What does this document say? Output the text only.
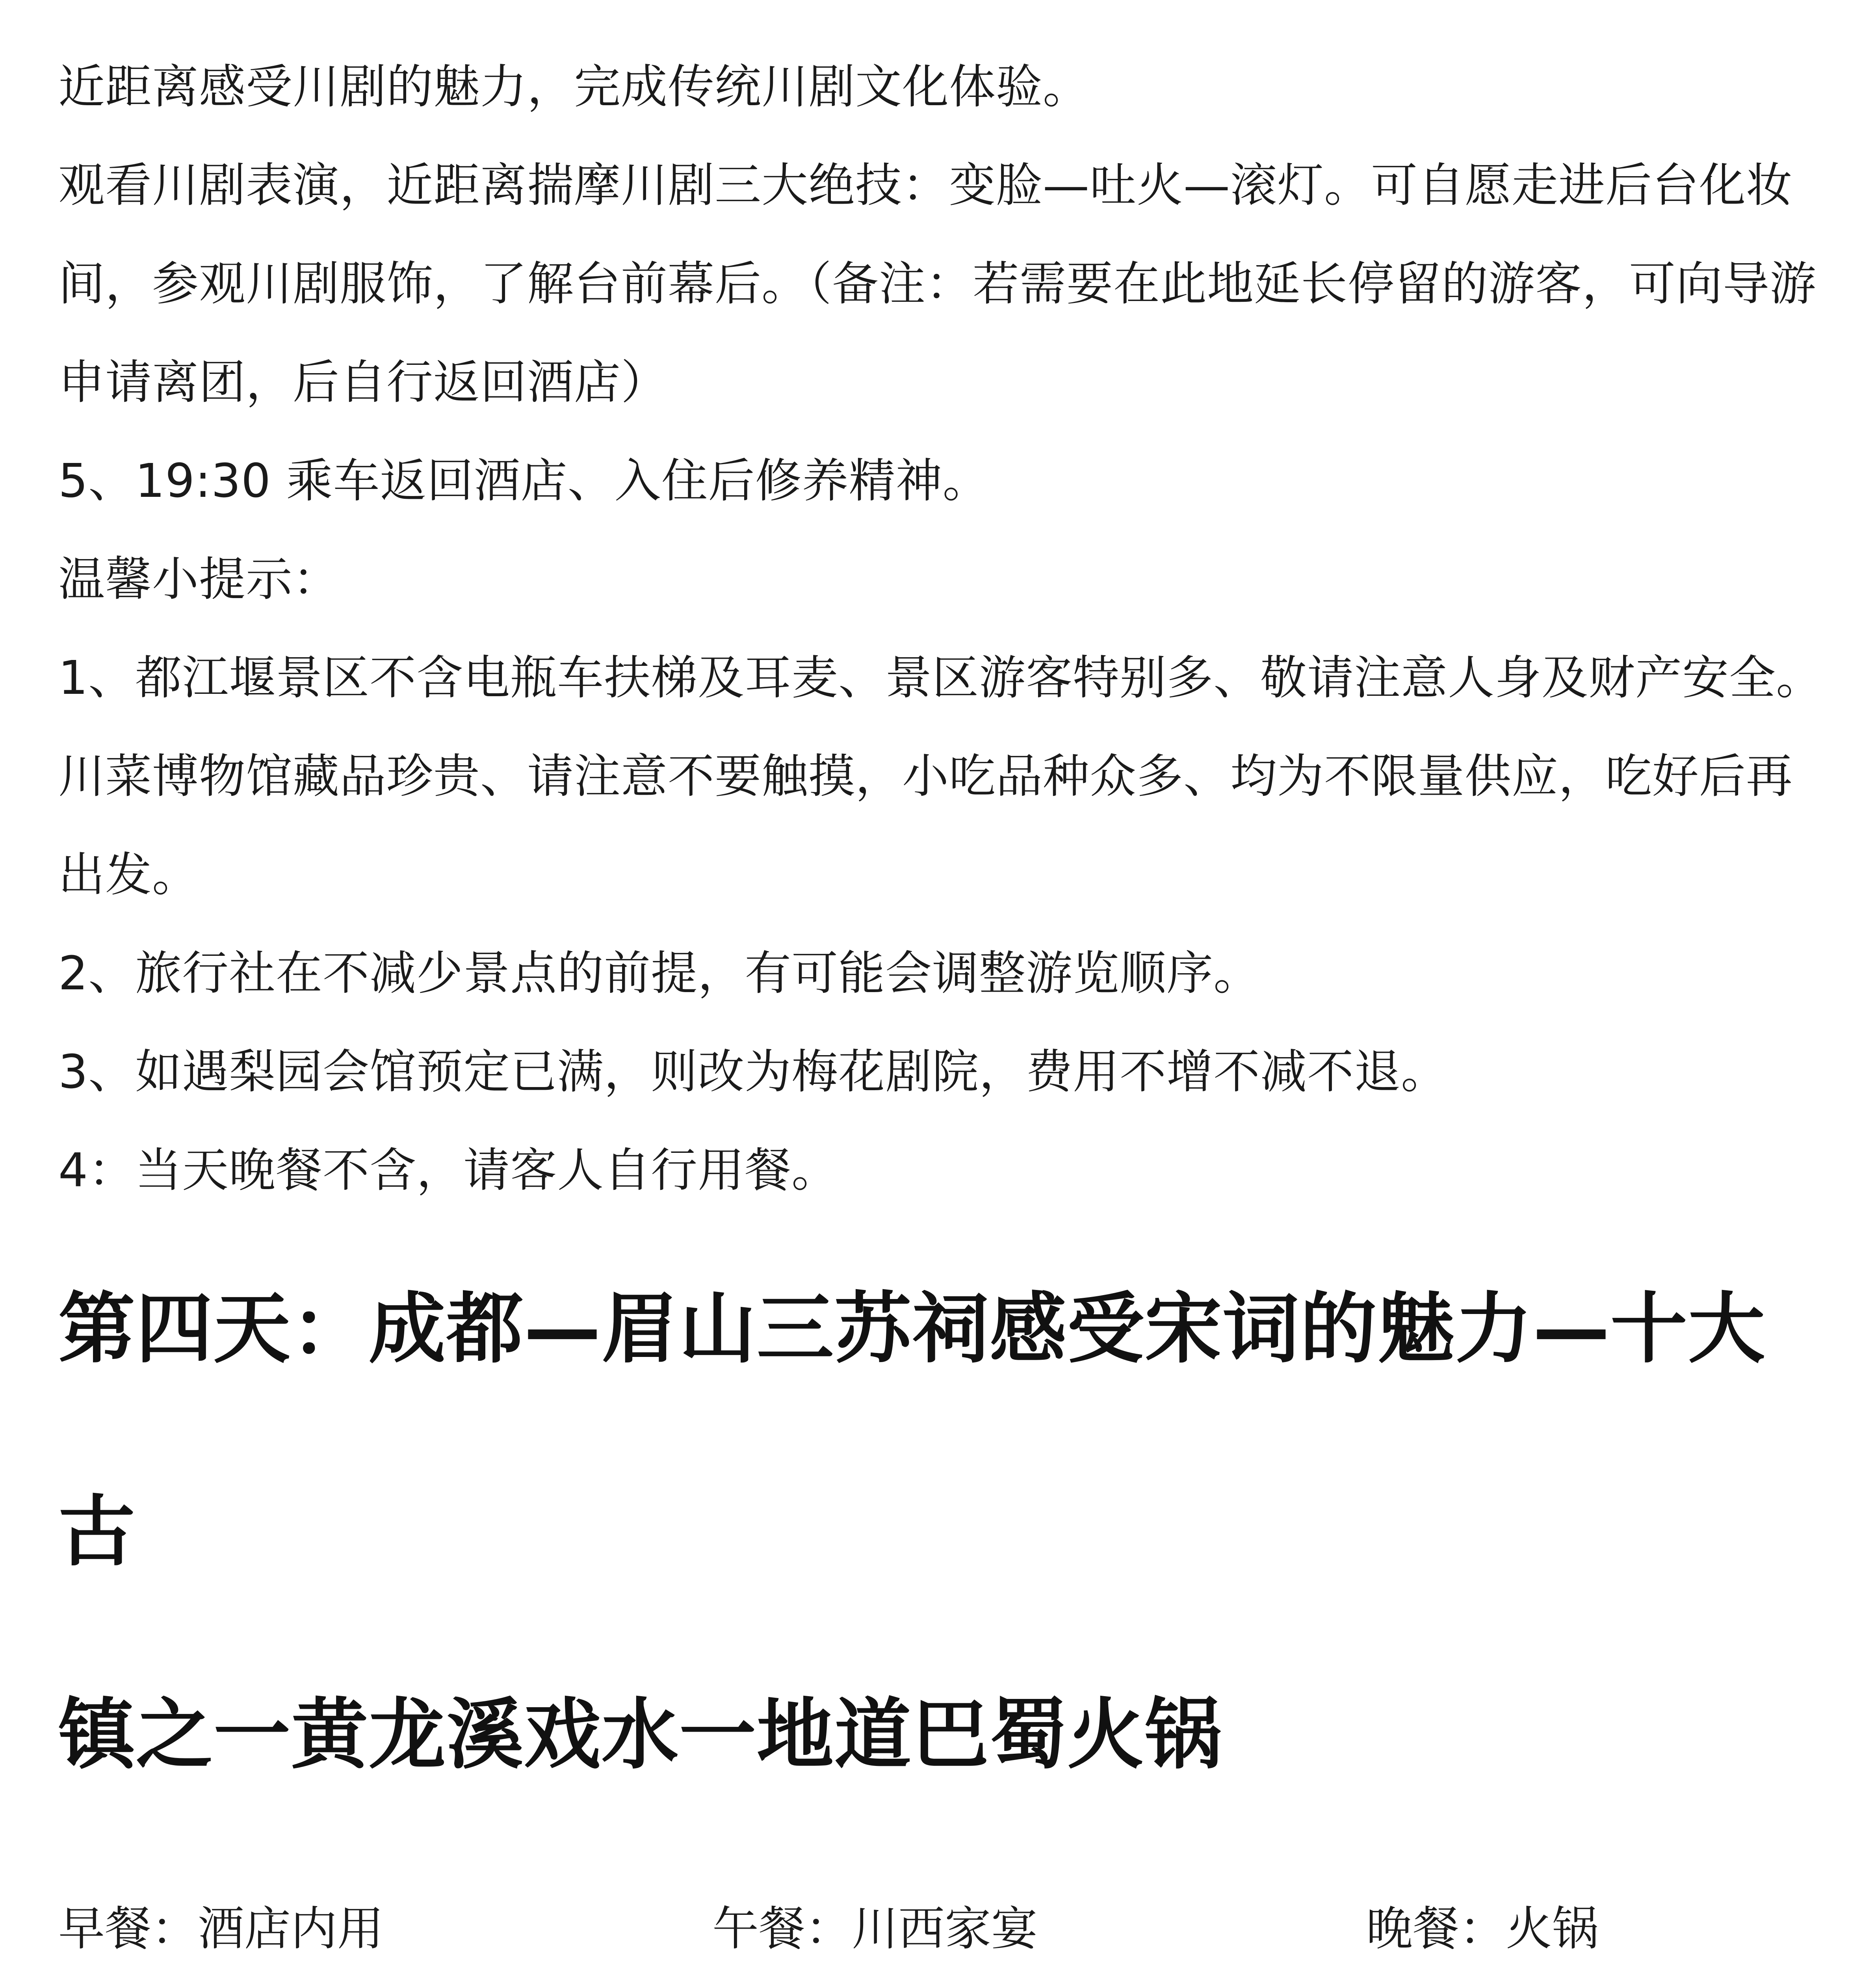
近距离感受川剧的魅力，完成传统川剧文化体验。

观看川剧表演，近距离揣摩川剧三大绝技：变脸—吐火—滚灯。可自愿走进后台化妆间，参观川剧服饰，了解台前幕后。（备注：若需要在此地延长停留的游客，可向导游申请离团，后自行返回酒店）

5、19:30 乘车返回酒店、入住后修养精神。

温馨小提示：

1、都江堰景区不含电瓶车扶梯及耳麦、景区游客特别多、敬请注意人身及财产安全。川菜博物馆藏品珍贵、请注意不要触摸，小吃品种众多、均为不限量供应，吃好后再出发。

2、旅行社在不减少景点的前提，有可能会调整游览顺序。

3、如遇梨园会馆预定已满，则改为梅花剧院，费用不增不减不退。

4：当天晚餐不含，请客人自行用餐。

第四天：成都—眉山三苏祠感受宋词的魅力—十大古

镇之一黄龙溪戏水一地道巴蜀火锅

早餐：酒店内用	午餐：川西家宴	晚餐：火锅
